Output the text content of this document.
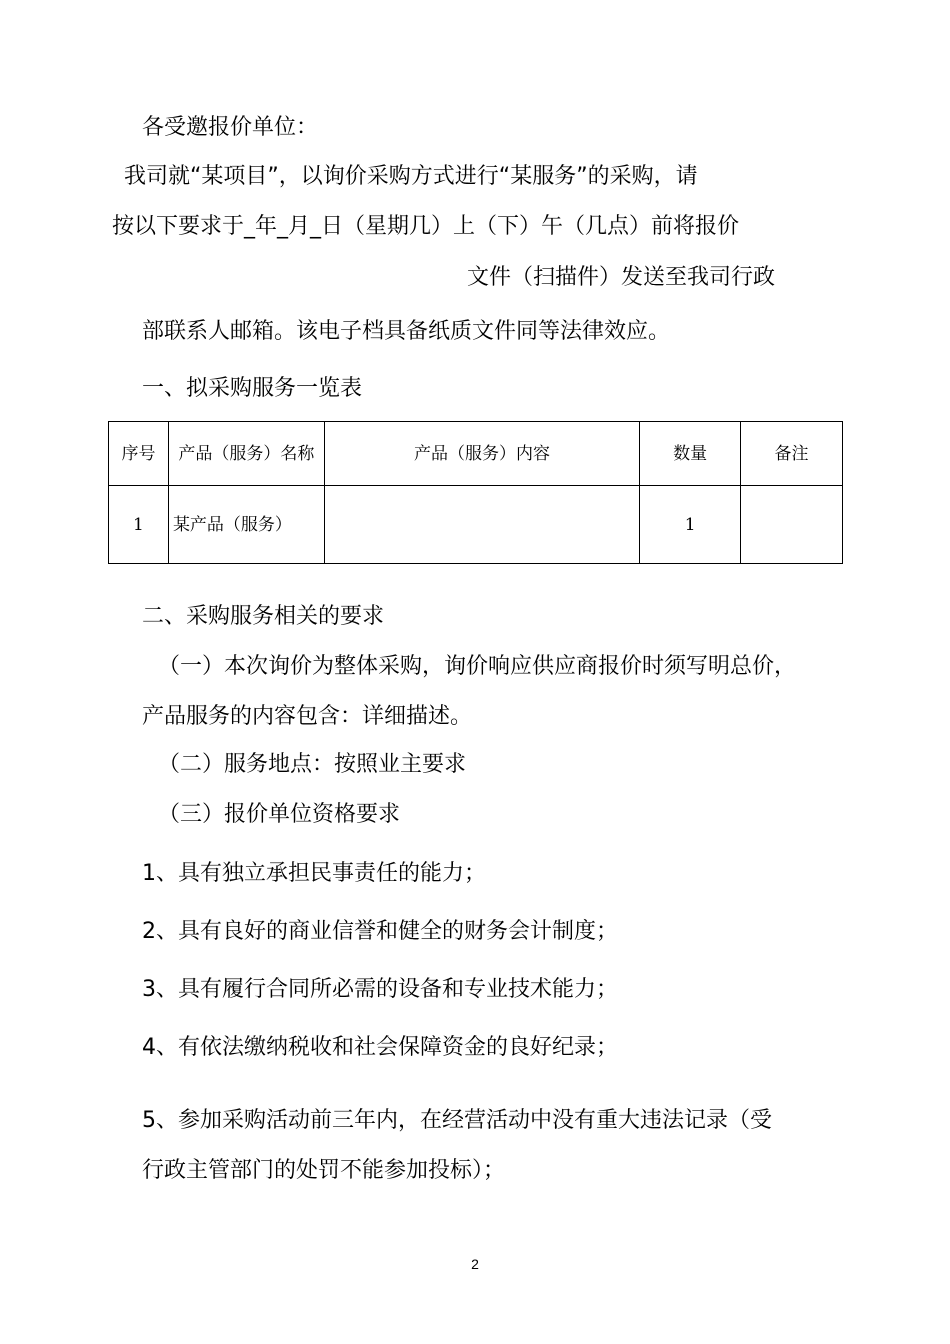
各受邀报价单位：
我司就“某项目”，以询价采购方式进行“某服务”的采购，请
按以下要求于_年_月_日（星期几）上（下）午（几点）前将报价
文件（扫描件）发送至我司行政
部联系人邮箱。该电子档具备纸质文件同等法律效应。
一、拟采购服务一览表
序号	产品（服务）名称	产品（服务）内容	数量	备注
1	某产品（服务）		1	
二、采购服务相关的要求
（一）本次询价为整体采购，询价响应供应商报价时须写明总价，
产品服务的内容包含：详细描述。
（二）服务地点：按照业主要求
（三）报价单位资格要求
1、具有独立承担民事责任的能力；
2、具有良好的商业信誉和健全的财务会计制度；
3、具有履行合同所必需的设备和专业技术能力；
4、有依法缴纳税收和社会保障资金的良好纪录；
5、参加采购活动前三年内，在经营活动中没有重大违法记录（受
行政主管部门的处罚不能参加投标）；
2
